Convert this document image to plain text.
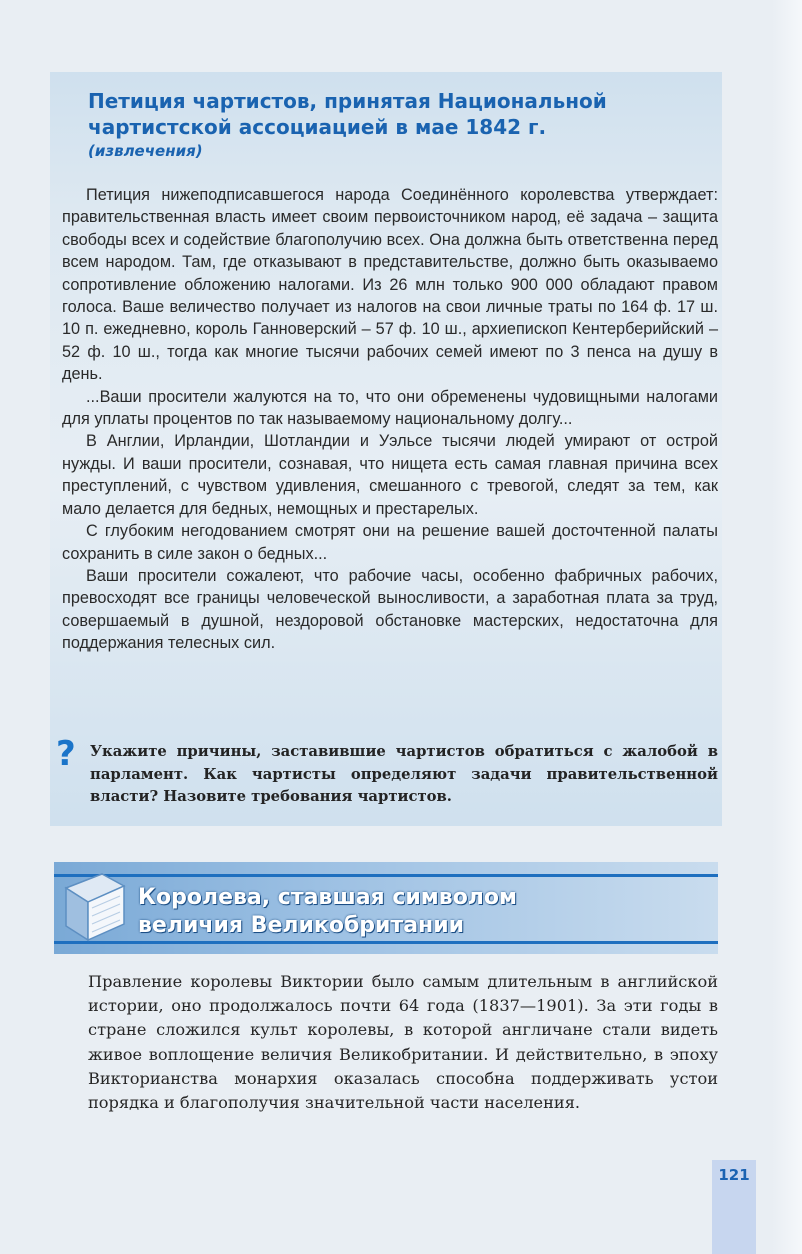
Петиция чартистов, принятая Национальной
чартистской ассоциацией в мае 1842 г.
(извлечения)

Петиция нижеподписавшегося народа Соединённого королевства утверждает: правительственная власть имеет своим первоисточником народ, её задача – защита свободы всех и содействие благополучию всех. Она должна быть ответственна перед всем народом. Там, где отказывают в представительстве, должно быть оказываемо сопротивление обложению налогами. Из 26 млн только 900 000 обладают правом голоса. Ваше величество получает из налогов на свои личные траты по 164 ф. 17 ш. 10 п. ежедневно, король Ганноверский – 57 ф. 10 ш., архиепископ Кентерберийский – 52 ф. 10 ш., тогда как многие тысячи рабочих семей имеют по 3 пенса на душу в день.

...Ваши просители жалуются на то, что они обременены чудовищными налогами для уплаты процентов по так называемому национальному долгу...

В Англии, Ирландии, Шотландии и Уэльсе тысячи людей умирают от острой нужды. И ваши просители, сознавая, что нищета есть самая главная причина всех преступлений, с чувством удивления, смешанного с тревогой, следят за тем, как мало делается для бедных, немощных и престарелых.

С глубоким негодованием смотрят они на решение вашей досточтенной палаты сохранить в силе закон о бедных...

Ваши просители сожалеют, что рабочие часы, особенно фабричных рабочих, превосходят все границы человеческой выносливости, а заработная плата за труд, совершаемый в душной, нездоровой обстановке мастерских, недостаточна для поддержания телесных сил.

? Укажите причины, заставившие чартистов обратиться с жалобой в парламент. Как чартисты определяют задачи правительственной власти? Назовите требования чартистов.
Королева, ставшая символом
величия Великобритании

Правление королевы Виктории было самым длительным в английской истории, оно продолжалось почти 64 года (1837—1901). За эти годы в стране сложился культ королевы, в которой англичане стали видеть живое воплощение величия Великобритании. И действительно, в эпоху Викторианства монархия оказалась способна поддерживать устои порядка и благополучия значительной части населения.

121
